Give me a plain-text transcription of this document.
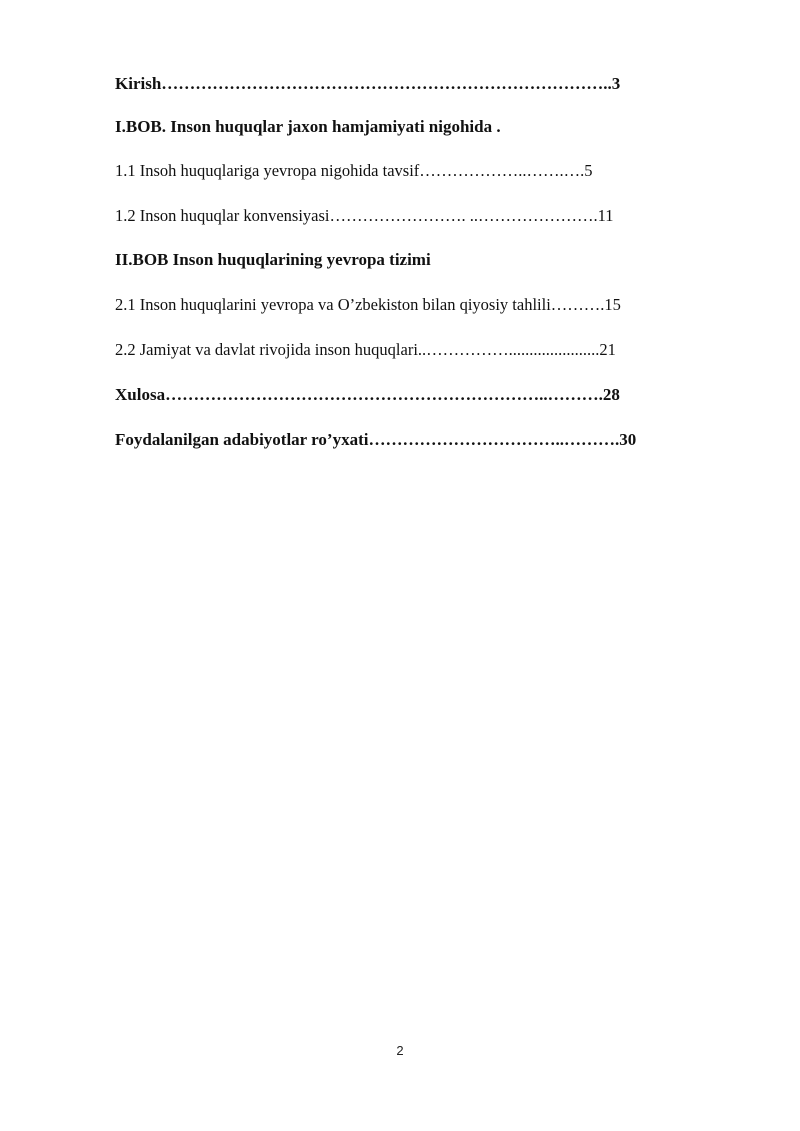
Kirish……………………………………………………………………..3
I.BOB. Inson huquqlar jaxon hamjamiyati nigohida .
1.1 Insoh huquqlariga yevropa nigohida tavsif………………..…….….5
1.2 Inson huquqlar konvensiyasi……………………. ..………………….11
II.BOB Inson huquqlarining yevropa tizimi
2.1 Inson huquqlarini yevropa va O’zbekiston bilan qiyosiy tahlili……….15
2.2 Jamiyat va davlat rivojida inson huquqlari..……………......................21
Xulosa…………………………………………………………..……….28
Foydalanilgan adabiyotlar ro’yxati……………………………..……….30
2
